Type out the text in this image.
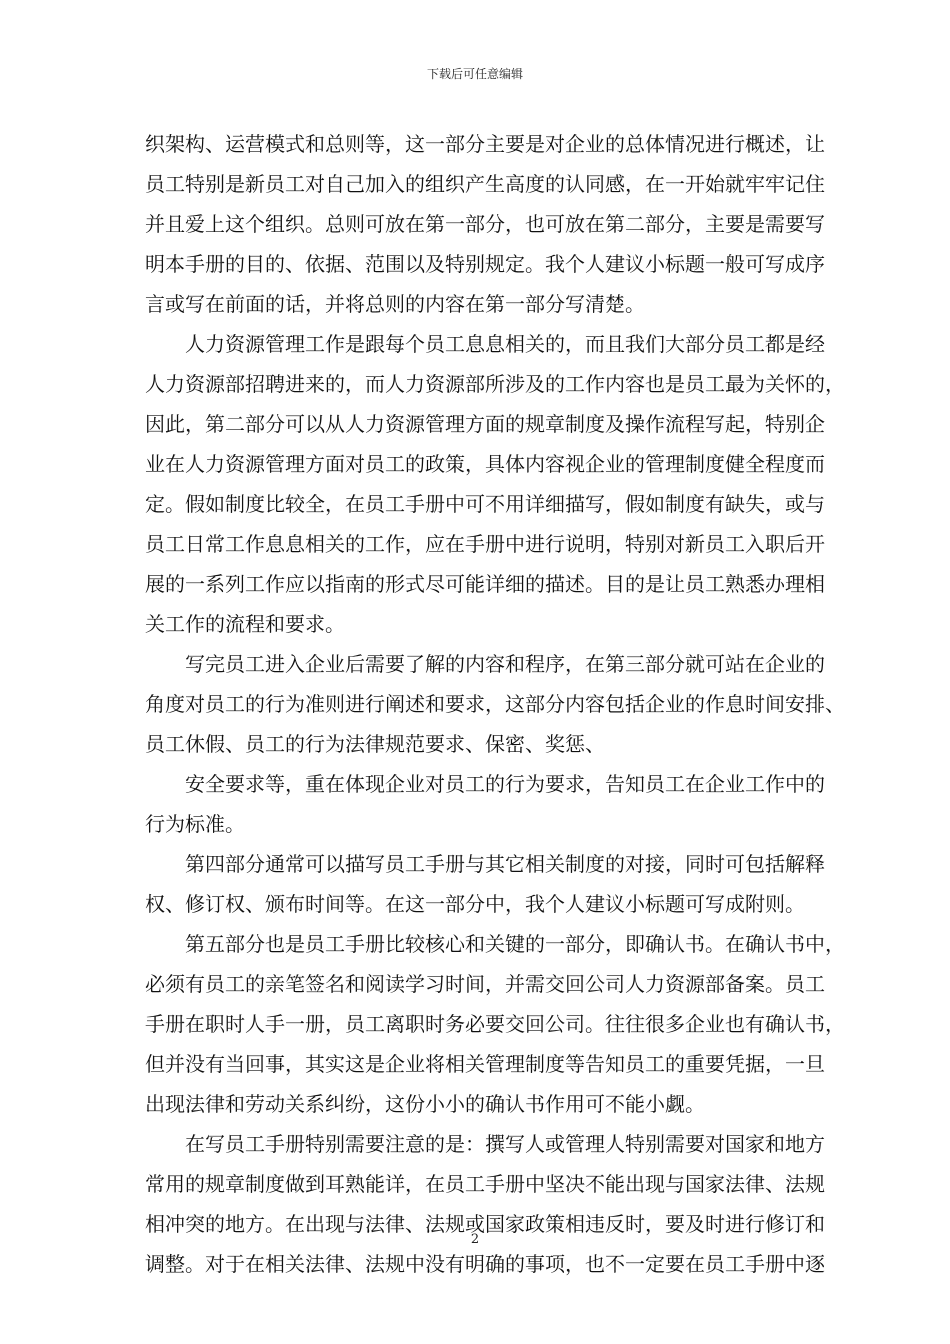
下载后可任意编辑
织架构、运营模式和总则等，这一部分主要是对企业的总体情况进行概述，让
员工特别是新员工对自己加入的组织产生高度的认同感，在一开始就牢牢记住
并且爱上这个组织。总则可放在第一部分，也可放在第二部分，主要是需要写
明本手册的目的、依据、范围以及特别规定。我个人建议小标题一般可写成序
言或写在前面的话，并将总则的内容在第一部分写清楚。
人力资源管理工作是跟每个员工息息相关的，而且我们大部分员工都是经
人力资源部招聘进来的，而人力资源部所涉及的工作内容也是员工最为关怀的，
因此，第二部分可以从人力资源管理方面的规章制度及操作流程写起，特别企
业在人力资源管理方面对员工的政策，具体内容视企业的管理制度健全程度而
定。假如制度比较全，在员工手册中可不用详细描写，假如制度有缺失，或与
员工日常工作息息相关的工作，应在手册中进行说明，特别对新员工入职后开
展的一系列工作应以指南的形式尽可能详细的描述。目的是让员工熟悉办理相
关工作的流程和要求。
写完员工进入企业后需要了解的内容和程序，在第三部分就可站在企业的
角度对员工的行为准则进行阐述和要求，这部分内容包括企业的作息时间安排、
员工休假、员工的行为法律规范要求、保密、奖惩、
安全要求等，重在体现企业对员工的行为要求，告知员工在企业工作中的
行为标准。
第四部分通常可以描写员工手册与其它相关制度的对接，同时可包括解释
权、修订权、颁布时间等。在这一部分中，我个人建议小标题可写成附则。
第五部分也是员工手册比较核心和关键的一部分，即确认书。在确认书中，
必须有员工的亲笔签名和阅读学习时间，并需交回公司人力资源部备案。员工
手册在职时人手一册，员工离职时务必要交回公司。往往很多企业也有确认书，
但并没有当回事，其实这是企业将相关管理制度等告知员工的重要凭据，一旦
出现法律和劳动关系纠纷，这份小小的确认书作用可不能小觑。
在写员工手册特别需要注意的是：撰写人或管理人特别需要对国家和地方
常用的规章制度做到耳熟能详，在员工手册中坚决不能出现与国家法律、法规
相冲突的地方。在出现与法律、法规或国家政策相违反时，要及时进行修订和
调整。对于在相关法律、法规中没有明确的事项，也不一定要在员工手册中逐
2
